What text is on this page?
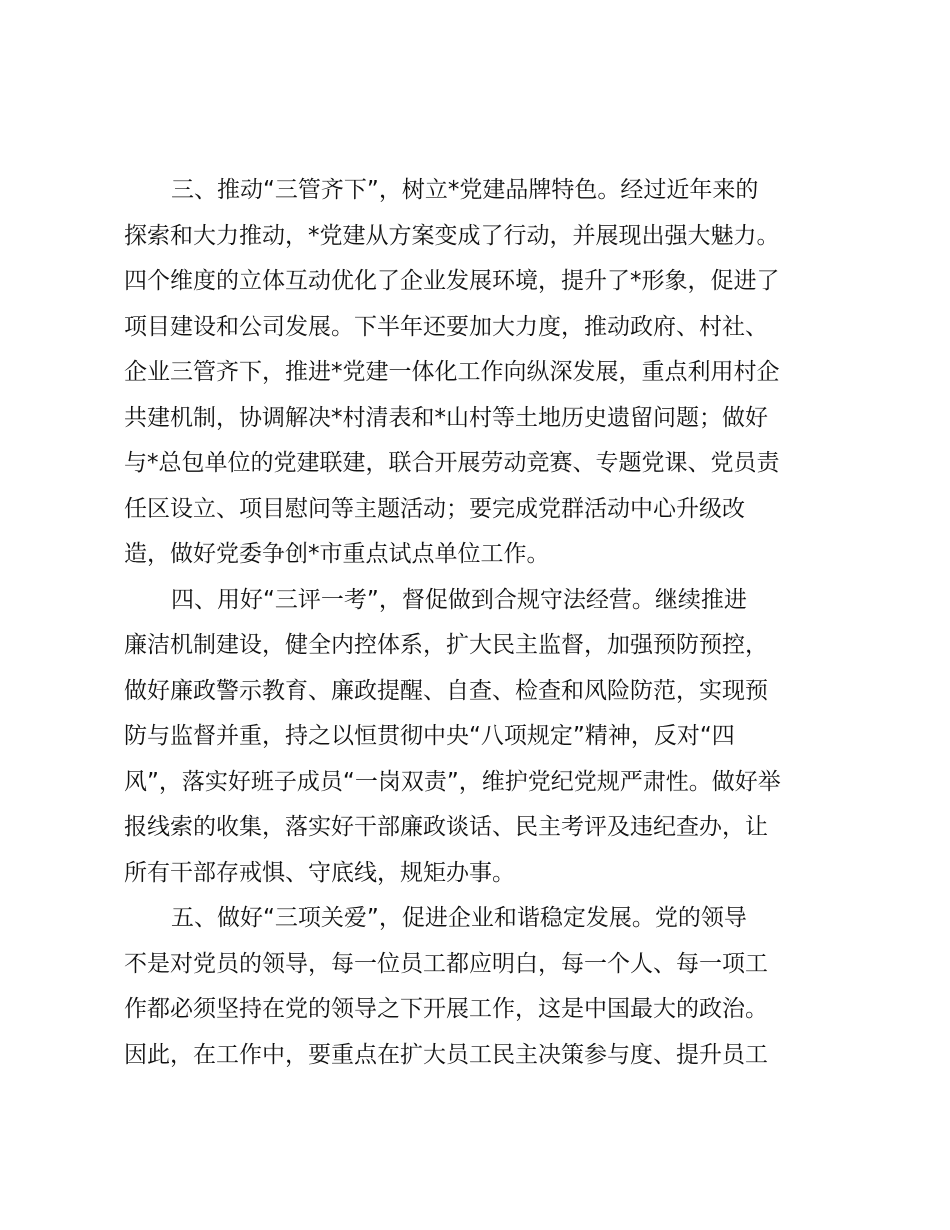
三、推动“三管齐下”，树立*党建品牌特色。经过近年来的
探索和大力推动，*党建从方案变成了行动，并展现出强大魅力。
四个维度的立体互动优化了企业发展环境，提升了*形象，促进了
项目建设和公司发展。下半年还要加大力度，推动政府、村社、
企业三管齐下，推进*党建一体化工作向纵深发展，重点利用村企
共建机制，协调解决*村清表和*山村等土地历史遗留问题；做好
与*总包单位的党建联建，联合开展劳动竞赛、专题党课、党员责
任区设立、项目慰问等主题活动；要完成党群活动中心升级改
造，做好党委争创*市重点试点单位工作。
四、用好“三评一考”，督促做到合规守法经营。继续推进
廉洁机制建设，健全内控体系，扩大民主监督，加强预防预控，
做好廉政警示教育、廉政提醒、自查、检查和风险防范，实现预
防与监督并重，持之以恒贯彻中央“八项规定”精神，反对“四
风”，落实好班子成员“一岗双责”，维护党纪党规严肃性。做好举
报线索的收集，落实好干部廉政谈话、民主考评及违纪查办，让
所有干部存戒惧、守底线，规矩办事。
五、做好“三项关爱”，促进企业和谐稳定发展。党的领导
不是对党员的领导，每一位员工都应明白，每一个人、每一项工
作都必须坚持在党的领导之下开展工作，这是中国最大的政治。
因此，在工作中，要重点在扩大员工民主决策参与度、提升员工
